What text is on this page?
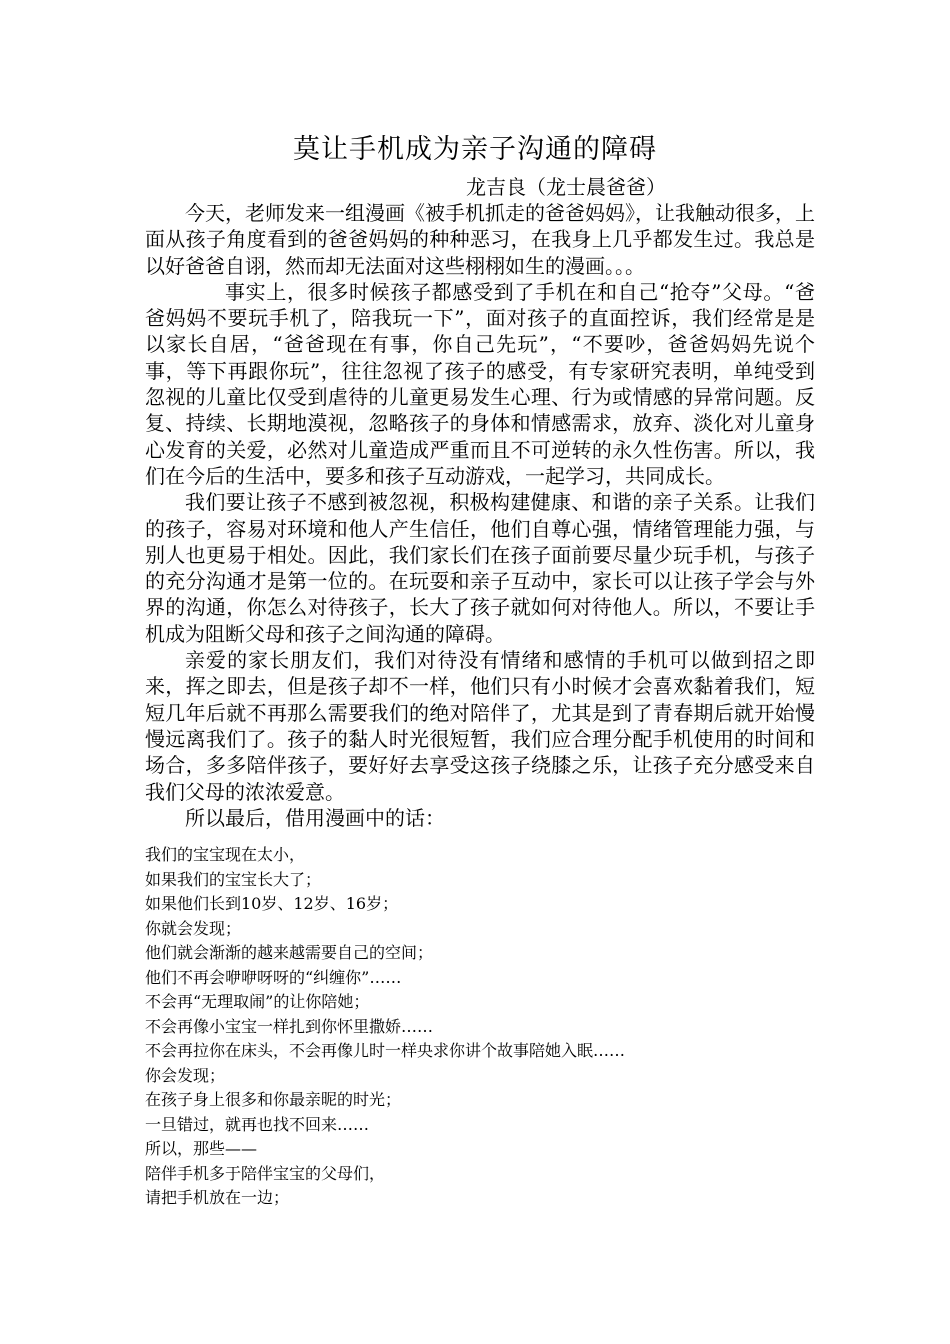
莫让手机成为亲子沟通的障碍
龙吉良（龙士晨爸爸）

今天，老师发来一组漫画《被手机抓走的爸爸妈妈》，让我触动很多，上面从孩子角度看到的爸爸妈妈的种种恶习，在我身上几乎都发生过。我总是以好爸爸自诩，然而却无法面对这些栩栩如生的漫画。。。

事实上，很多时候孩子都感受到了手机在和自己“抢夺”父母。“爸爸妈妈不要玩手机了，陪我玩一下”，面对孩子的直面控诉，我们经常是是以家长自居，“爸爸现在有事，你自己先玩”，“不要吵，爸爸妈妈先说个事，等下再跟你玩”，往往忽视了孩子的感受，有专家研究表明，单纯受到忽视的儿童比仅受到虐待的儿童更易发生心理、行为或情感的异常问题。反复、持续、长期地漠视，忽略孩子的身体和情感需求，放弃、淡化对儿童身心发育的关爱，必然对儿童造成严重而且不可逆转的永久性伤害。所以，我们在今后的生活中，要多和孩子互动游戏，一起学习，共同成长。

我们要让孩子不感到被忽视，积极构建健康、和谐的亲子关系。让我们的孩子，容易对环境和他人产生信任，他们自尊心强，情绪管理能力强，与别人也更易于相处。因此，我们家长们在孩子面前要尽量少玩手机，与孩子的充分沟通才是第一位的。在玩耍和亲子互动中，家长可以让孩子学会与外界的沟通，你怎么对待孩子，长大了孩子就如何对待他人。所以，不要让手机成为阻断父母和孩子之间沟通的障碍。

亲爱的家长朋友们，我们对待没有情绪和感情的手机可以做到招之即来，挥之即去，但是孩子却不一样，他们只有小时候才会喜欢黏着我们，短短几年后就不再那么需要我们的绝对陪伴了，尤其是到了青春期后就开始慢慢远离我们了。孩子的黏人时光很短暂，我们应合理分配手机使用的时间和场合，多多陪伴孩子，要好好去享受这孩子绕膝之乐，让孩子充分感受来自我们父母的浓浓爱意。

所以最后，借用漫画中的话：

我们的宝宝现在太小，
如果我们的宝宝长大了；
如果他们长到10岁、12岁、16岁；
你就会发现；
他们就会渐渐的越来越需要自己的空间；
他们不再会咿咿呀呀的“纠缠你”……
不会再“无理取闹”的让你陪她；
不会再像小宝宝一样扎到你怀里撒娇……
不会再拉你在床头，不会再像儿时一样央求你讲个故事陪她入眠……
你会发现；
在孩子身上很多和你最亲昵的时光；
一旦错过，就再也找不回来……
所以，那些——
陪伴手机多于陪伴宝宝的父母们，
请把手机放在一边；
